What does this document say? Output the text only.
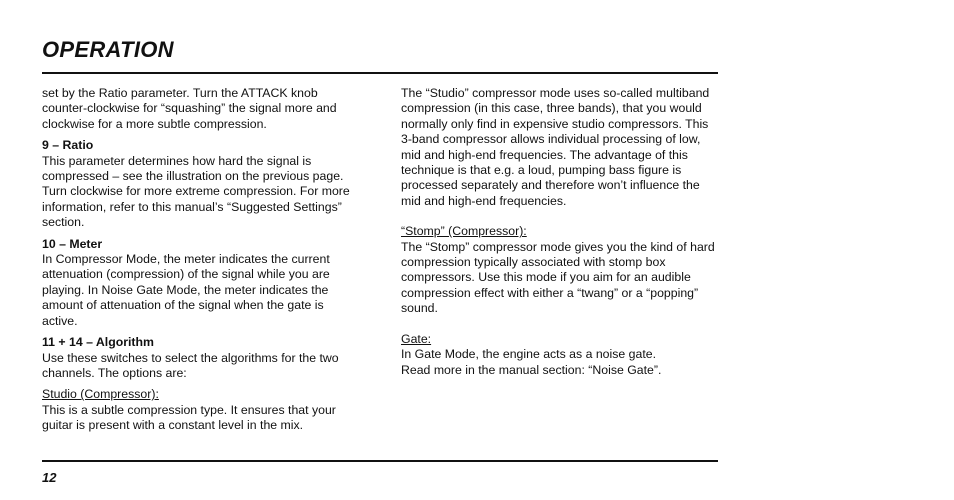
OPERATION

set by the Ratio parameter. Turn the ATTACK knob counter-clockwise for “squashing” the signal more and clockwise for a more subtle compression.

9 – Ratio

This parameter determines how hard the signal is compressed – see the illustration on the previous page. Turn clockwise for more extreme compression. For more information, refer to this manual’s “Suggested Settings” section.

10 – Meter

In Compressor Mode, the meter indicates the current attenuation (compression) of the signal while you are playing. In Noise Gate Mode, the meter indicates the amount of attenuation of the signal when the gate is active.

11 + 14 – Algorithm

Use these switches to select the algorithms for the two channels. The options are:

Studio (Compressor):

This is a subtle compression type. It ensures that your guitar is present with a constant level in the mix.

The “Studio” compressor mode uses so-called multiband compression (in this case, three bands), that you would normally only find in expensive studio compressors. This 3-band compressor allows individual processing of low, mid and high-end frequencies. The advantage of this technique is that e.g. a loud, pumping bass figure is processed separately and therefore won’t influence the mid and high-end frequencies.

“Stomp” (Compressor):

The “Stomp” compressor mode gives you the kind of hard compression typically associated with stomp box compressors. Use this mode if you aim for an audible compression effect with either a “twang” or a “popping” sound.

Gate:

In Gate Mode, the engine acts as a noise gate.

Read more in the manual section: “Noise Gate”.

12
